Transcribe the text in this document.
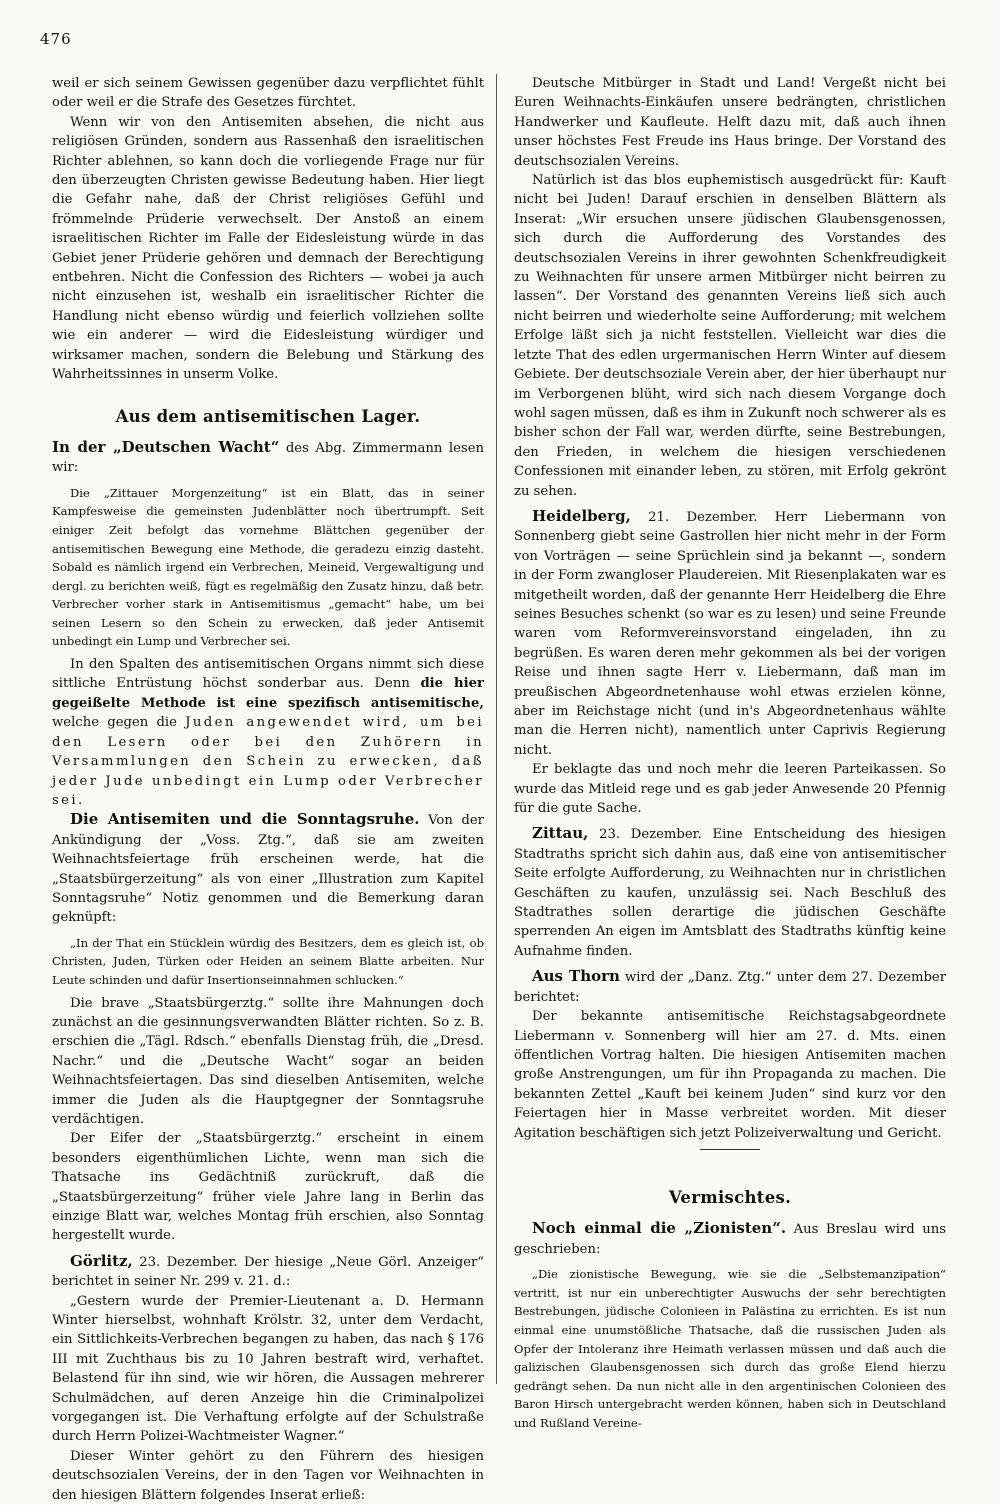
476

weil er sich seinem Gewissen gegenüber dazu verpflichtet fühlt oder weil er die Strafe des Gesetzes fürchtet.

Wenn wir von den Antisemiten absehen, die nicht aus religiösen Gründen, sondern aus Rassenhaß den israelitischen Richter ablehnen, so kann doch die vorliegende Frage nur für den überzeugten Christen gewisse Bedeutung haben. Hier liegt die Gefahr nahe, daß der Christ religiöses Gefühl und frömmelnde Prüderie verwechselt. Der Anstoß an einem israelitischen Richter im Falle der Eidesleistung würde in das Gebiet jener Prüderie gehören und demnach der Berechtigung entbehren. Nicht die Confession des Richters — wobei ja auch nicht einzusehen ist, weshalb ein israelitischer Richter die Handlung nicht ebenso würdig und feierlich vollziehen sollte wie ein anderer — wird die Eidesleistung würdiger und wirksamer machen, sondern die Belebung und Stärkung des Wahrheitssinnes in unserm Volke.

Aus dem antisemitischen Lager.

In der „Deutschen Wacht“ des Abg. Zimmermann lesen wir:

Die „Zittauer Morgenzeitung“ ist ein Blatt, das in seiner Kampfesweise die gemeinsten Judenblätter noch übertrumpft. Seit einiger Zeit befolgt das vornehme Blättchen gegenüber der antisemitischen Bewegung eine Methode, die geradezu einzig dasteht. Sobald es nämlich irgend ein Verbrechen, Meineid, Vergewaltigung und dergl. zu berichten weiß, fügt es regelmäßig den Zusatz hinzu, daß betr. Verbrecher vorher stark in Antisemitismus „gemacht“ habe, um bei seinen Lesern so den Schein zu erwecken, daß jeder Antisemit unbedingt ein Lump und Verbrecher sei.

In den Spalten des antisemitischen Organs nimmt sich diese sittliche Entrüstung höchst sonderbar aus. Denn die hier gegeißelte Methode ist eine spezifisch antisemitische, welche gegen die Juden angewendet wird, um bei den Lesern oder bei den Zuhörern in Versammlungen den Schein zu erwecken, daß jeder Jude unbedingt ein Lump oder Verbrecher sei.

Die Antisemiten und die Sonntagsruhe. Von der Ankündigung der „Voss. Ztg.“, daß sie am zweiten Weihnachtsfeiertage früh erscheinen werde, hat die „Staatsbürgerzeitung“ als von einer „Illustration zum Kapitel Sonntagsruhe“ Notiz genommen und die Bemerkung daran geknüpft:

„In der That ein Stücklein würdig des Besitzers, dem es gleich ist, ob Christen, Juden, Türken oder Heiden an seinem Blatte arbeiten. Nur Leute schinden und dafür Insertionseinnahmen schlucken.“

Die brave „Staatsbürgerztg.“ sollte ihre Mahnungen doch zunächst an die gesinnungsverwandten Blätter richten. So z. B. erschien die „Tägl. Rdsch.“ ebenfalls Dienstag früh, die „Dresd. Nachr.“ und die „Deutsche Wacht“ sogar an beiden Weihnachtsfeiertagen. Das sind dieselben Antisemiten, welche immer die Juden als die Hauptgegner der Sonntagsruhe verdächtigen.

Der Eifer der „Staatsbürgerztg.“ erscheint in einem besonders eigenthümlichen Lichte, wenn man sich die Thatsache ins Gedächtniß zurückruft, daß die „Staatsbürgerzeitung“ früher viele Jahre lang in Berlin das einzige Blatt war, welches Montag früh erschien, also Sonntag hergestellt wurde.

Görlitz, 23. Dezember. Der hiesige „Neue Görl. Anzeiger“ berichtet in seiner Nr. 299 v. 21. d.:

„Gestern wurde der Premier-Lieutenant a. D. Hermann Winter hierselbst, wohnhaft Krölstr. 32, unter dem Verdacht, ein Sittlichkeits-Verbrechen begangen zu haben, das nach § 176 III mit Zuchthaus bis zu 10 Jahren bestraft wird, verhaftet. Belastend für ihn sind, wie wir hören, die Aussagen mehrerer Schulmädchen, auf deren Anzeige hin die Criminalpolizei vorgegangen ist. Die Verhaftung erfolgte auf der Schulstraße durch Herrn Polizei-Wachtmeister Wagner.“

Dieser Winter gehört zu den Führern des hiesigen deutschsozialen Vereins, der in den Tagen vor Weihnachten in den hiesigen Blättern folgendes Inserat erließ:

Deutsche Mitbürger in Stadt und Land! Vergeßt nicht bei Euren Weihnachts-Einkäufen unsere bedrängten, christlichen Handwerker und Kaufleute. Helft dazu mit, daß auch ihnen unser höchstes Fest Freude ins Haus bringe. Der Vorstand des deutschsozialen Vereins.

Natürlich ist das blos euphemistisch ausgedrückt für: Kauft nicht bei Juden! Darauf erschien in denselben Blättern als Inserat: „Wir ersuchen unsere jüdischen Glaubensgenossen, sich durch die Aufforderung des Vorstandes des deutschsozialen Vereins in ihrer gewohnten Schenkfreudigkeit zu Weihnachten für unsere armen Mitbürger nicht beirren zu lassen“. Der Vorstand des genannten Vereins ließ sich auch nicht beirren und wiederholte seine Aufforderung; mit welchem Erfolge läßt sich ja nicht feststellen. Vielleicht war dies die letzte That des edlen urgermanischen Herrn Winter auf diesem Gebiete. Der deutschsoziale Verein aber, der hier überhaupt nur im Verborgenen blüht, wird sich nach diesem Vorgange doch wohl sagen müssen, daß es ihm in Zukunft noch schwerer als es bisher schon der Fall war, werden dürfte, seine Bestrebungen, den Frieden, in welchem die hiesigen verschiedenen Confessionen mit einander leben, zu stören, mit Erfolg gekrönt zu sehen.

Heidelberg, 21. Dezember. Herr Liebermann von Sonnenberg giebt seine Gastrollen hier nicht mehr in der Form von Vorträgen — seine Sprüchlein sind ja bekannt —, sondern in der Form zwangloser Plaudereien. Mit Riesenplakaten war es mitgetheilt worden, daß der genannte Herr Heidelberg die Ehre seines Besuches schenkt (so war es zu lesen) und seine Freunde waren vom Reformvereinsvorstand eingeladen, ihn zu begrüßen. Es waren deren mehr gekommen als bei der vorigen Reise und ihnen sagte Herr v. Liebermann, daß man im preußischen Abgeordnetenhause wohl etwas erzielen könne, aber im Reichstage nicht (und in's Abgeordnetenhaus wählte man die Herren nicht), namentlich unter Caprivis Regierung nicht.

Er beklagte das und noch mehr die leeren Parteikassen. So wurde das Mitleid rege und es gab jeder Anwesende 20 Pfennig für die gute Sache.

Zittau, 23. Dezember. Eine Entscheidung des hiesigen Stadtraths spricht sich dahin aus, daß eine von antisemitischer Seite erfolgte Aufforderung, zu Weihnachten nur in christlichen Geschäften zu kaufen, unzulässig sei. Nach Beschluß des Stadtrathes sollen derartige die jüdischen Geschäfte sperrenden An eigen im Amtsblatt des Stadtraths künftig keine Aufnahme finden.

Aus Thorn wird der „Danz. Ztg.“ unter dem 27. Dezember berichtet:

Der bekannte antisemitische Reichstagsabgeordnete Liebermann v. Sonnenberg will hier am 27. d. Mts. einen öffentlichen Vortrag halten. Die hiesigen Antisemiten machen große Anstrengungen, um für ihn Propaganda zu machen. Die bekannten Zettel „Kauft bei keinem Juden“ sind kurz vor den Feiertagen hier in Masse verbreitet worden. Mit dieser Agitation beschäftigen sich jetzt Polizeiverwaltung und Gericht.

Vermischtes.

Noch einmal die „Zionisten“. Aus Breslau wird uns geschrieben:

„Die zionistische Bewegung, wie sie die „Selbstemanzipation“ vertritt, ist nur ein unberechtigter Auswuchs der sehr berechtigten Bestrebungen, jüdische Colonieen in Palästina zu errichten. Es ist nun einmal eine unumstößliche Thatsache, daß die russischen Juden als Opfer der Intoleranz ihre Heimath verlassen müssen und daß auch die galizischen Glaubensgenossen sich durch das große Elend hierzu gedrängt sehen. Da nun nicht alle in den argentinischen Colonieen des Baron Hirsch untergebracht werden können, haben sich in Deutschland und Rußland Vereine-
